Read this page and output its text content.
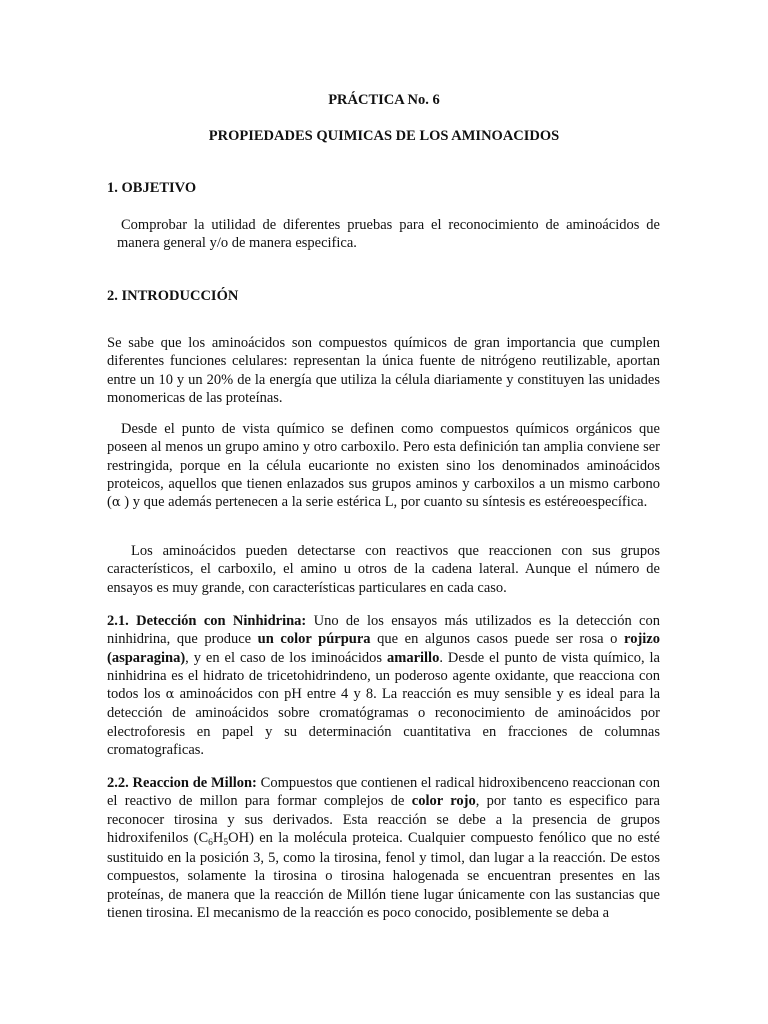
PRÁCTICA No. 6

PROPIEDADES QUIMICAS DE LOS AMINOACIDOS

1. OBJETIVO

Comprobar la utilidad de diferentes pruebas para el reconocimiento de aminoácidos de manera general y/o de manera especifica.

2. INTRODUCCIÓN

Se sabe que los aminoácidos son compuestos químicos de gran importancia que cumplen diferentes funciones celulares: representan la única fuente de nitrógeno reutilizable, aportan entre un 10 y un 20% de la energía que utiliza la célula diariamente y constituyen las unidades monomericas de las proteínas.

Desde el punto de vista químico se definen como compuestos químicos orgánicos que poseen al menos un grupo amino y otro carboxilo. Pero esta definición tan amplia conviene ser restringida, porque en la célula eucarionte no existen sino los denominados aminoácidos proteicos, aquellos que tienen enlazados sus grupos aminos y carboxilos a un mismo carbono (α ) y que además pertenecen a la serie estérica L, por cuanto su síntesis es estéreoespecífica.

Los aminoácidos pueden detectarse con reactivos que reaccionen con sus grupos característicos, el carboxilo, el amino u otros de la cadena lateral. Aunque el número de ensayos es muy grande, con características particulares en cada caso.

2.1. Detección con Ninhidrina: Uno de los ensayos más utilizados es la detección con ninhidrina, que produce un color púrpura que en algunos casos puede ser rosa o rojizo (asparagina), y en el caso de los iminoácidos amarillo. Desde el punto de vista químico, la ninhidrina es el hidrato de tricetohidrindeno, un poderoso agente oxidante, que reacciona con todos los α aminoácidos con pH entre 4 y 8. La reacción es muy sensible y es ideal para la detección de aminoácidos sobre cromatógramas o reconocimiento de aminoácidos por electroforesis en papel y su determinación cuantitativa en fracciones de columnas cromatograficas.

2.2. Reaccion de Millon: Compuestos que contienen el radical hidroxibenceno reaccionan con el reactivo de millon para formar complejos de color rojo, por tanto es especifico para reconocer tirosina y sus derivados. Esta reacción se debe a la presencia de grupos hidroxifenilos $(C_6H_5OH)$ en la molécula proteica. Cualquier compuesto fenólico que no esté sustituido en la posición 3, 5, como la tirosina, fenol y timol, dan lugar a la reacción. De estos compuestos, solamente la tirosina o tirosina halogenada se encuentran presentes en las proteínas, de manera que la reacción de Millón tiene lugar únicamente con las sustancias que tienen tirosina. El mecanismo de la reacción es poco conocido, posiblemente se deba a
